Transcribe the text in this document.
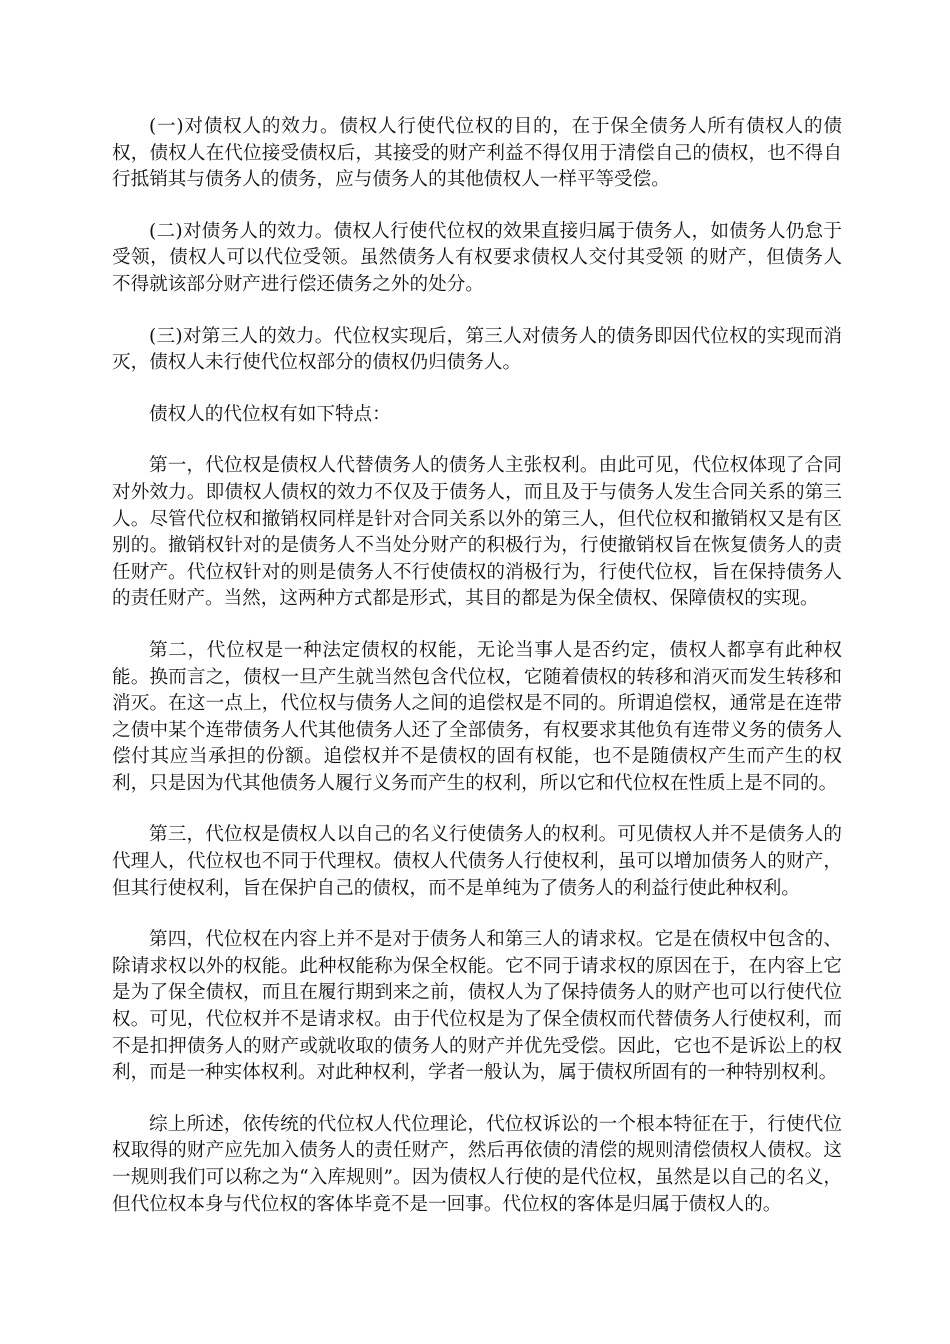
(一)对债权人的效力。债权人行使代位权的目的，在于保全债务人所有债权人的债权，债权人在代位接受债权后，其接受的财产利益不得仅用于清偿自己的债权，也不得自行抵销其与债务人的债务，应与债务人的其他债权人一样平等受偿。

(二)对债务人的效力。债权人行使代位权的效果直接归属于债务人，如债务人仍怠于受领，债权人可以代位受领。虽然债务人有权要求债权人交付其受领 的财产，但债务人不得就该部分财产进行偿还债务之外的处分。

(三)对第三人的效力。代位权实现后，第三人对债务人的债务即因代位权的实现而消灭，债权人未行使代位权部分的债权仍归债务人。

债权人的代位权有如下特点：

第一，代位权是债权人代替债务人的债务人主张权利。由此可见，代位权体现了合同对外效力。即债权人债权的效力不仅及于债务人，而且及于与债务人发生合同关系的第三人。尽管代位权和撤销权同样是针对合同关系以外的第三人，但代位权和撤销权又是有区别的。撤销权针对的是债务人不当处分财产的积极行为，行使撤销权旨在恢复债务人的责任财产。代位权针对的则是债务人不行使债权的消极行为，行使代位权，旨在保持债务人的责任财产。当然，这两种方式都是形式，其目的都是为保全债权、保障债权的实现。

第二，代位权是一种法定债权的权能，无论当事人是否约定，债权人都享有此种权能。换而言之，债权一旦产生就当然包含代位权，它随着债权的转移和消灭而发生转移和消灭。在这一点上，代位权与债务人之间的追偿权是不同的。所谓追偿权，通常是在连带之债中某个连带债务人代其他债务人还了全部债务，有权要求其他负有连带义务的债务人偿付其应当承担的份额。追偿权并不是债权的固有权能，也不是随债权产生而产生的权利，只是因为代其他债务人履行义务而产生的权利，所以它和代位权在性质上是不同的。

第三，代位权是债权人以自己的名义行使债务人的权利。可见债权人并不是债务人的代理人，代位权也不同于代理权。债权人代债务人行使权利，虽可以增加债务人的财产，但其行使权利，旨在保护自己的债权，而不是单纯为了债务人的利益行使此种权利。

第四，代位权在内容上并不是对于债务人和第三人的请求权。它是在债权中包含的、除请求权以外的权能。此种权能称为保全权能。它不同于请求权的原因在于，在内容上它是为了保全债权，而且在履行期到来之前，债权人为了保持债务人的财产也可以行使代位权。可见，代位权并不是请求权。由于代位权是为了保全债权而代替债务人行使权利，而不是扣押债务人的财产或就收取的债务人的财产并优先受偿。因此，它也不是诉讼上的权利，而是一种实体权利。对此种权利，学者一般认为，属于债权所固有的一种特别权利。

综上所述，依传统的代位权人代位理论，代位权诉讼的一个根本特征在于，行使代位权取得的财产应先加入债务人的责任财产，然后再依债的清偿的规则清偿债权人债权。这一规则我们可以称之为“入库规则”。因为债权人行使的是代位权，虽然是以自己的名义，但代位权本身与代位权的客体毕竟不是一回事。代位权的客体是归属于债权人的。
